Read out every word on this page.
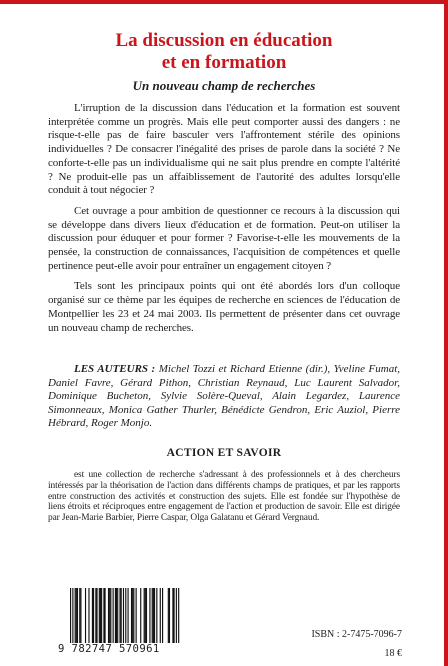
La discussion en éducation
et en formation
Un nouveau champ de recherches

L'irruption de la discussion dans l'éducation et la formation est souvent interprétée comme un progrès. Mais elle peut comporter aussi des dangers : ne risque-t-elle pas de faire basculer vers l'affrontement stérile des opinions individuelles ? De consacrer l'inégalité des prises de parole dans la société ? Ne conforte-t-elle pas un individualisme qui ne sait plus prendre en compte l'altérité ? Ne produit-elle pas un affaiblissement de l'autorité des adultes lorsqu'elle conduit à tout négocier ?

Cet ouvrage a pour ambition de questionner ce recours à la discussion qui se développe dans divers lieux d'éducation et de formation. Peut-on utiliser la discussion pour éduquer et pour former ? Favorise-t-elle les mouvements de la pensée, la construction de connaissances, l'acquisition de compétences et quelle pertinence peut-elle avoir pour entraîner un engagement citoyen ?

Tels sont les principaux points qui ont été abordés lors d'un colloque organisé sur ce thème par les équipes de recherche en sciences de l'éducation de Montpellier les 23 et 24 mai 2003. Ils permettent de présenter dans cet ouvrage un nouveau champ de recherches.

LES AUTEURS : Michel Tozzi et Richard Etienne (dir.), Yveline Fumat, Daniel Favre, Gérard Pithon, Christian Reynaud, Luc Laurent Salvador, Dominique Bucheton, Sylvie Solère-Queval, Alain Legardez, Laurence Simonneaux, Monica Gather Thurler, Bénédicte Gendron, Eric Auziol, Pierre Hébrard, Roger Monjo.
ACTION ET SAVOIR
est une collection de recherche s'adressant à des professionnels et à des chercheurs intéressés par la théorisation de l'action dans différents champs de pratiques, et par les rapports entre construction des activités et construction des sujets. Elle est fondée sur l'hypothèse de liens étroits et réciproques entre engagement de l'action et production de savoir. Elle est dirigée par Jean-Marie Barbier, Pierre Caspar, Olga Galatanu et Gérard Vergnaud.
9 782747 570961
ISBN : 2-7475-7096-7
18 €
